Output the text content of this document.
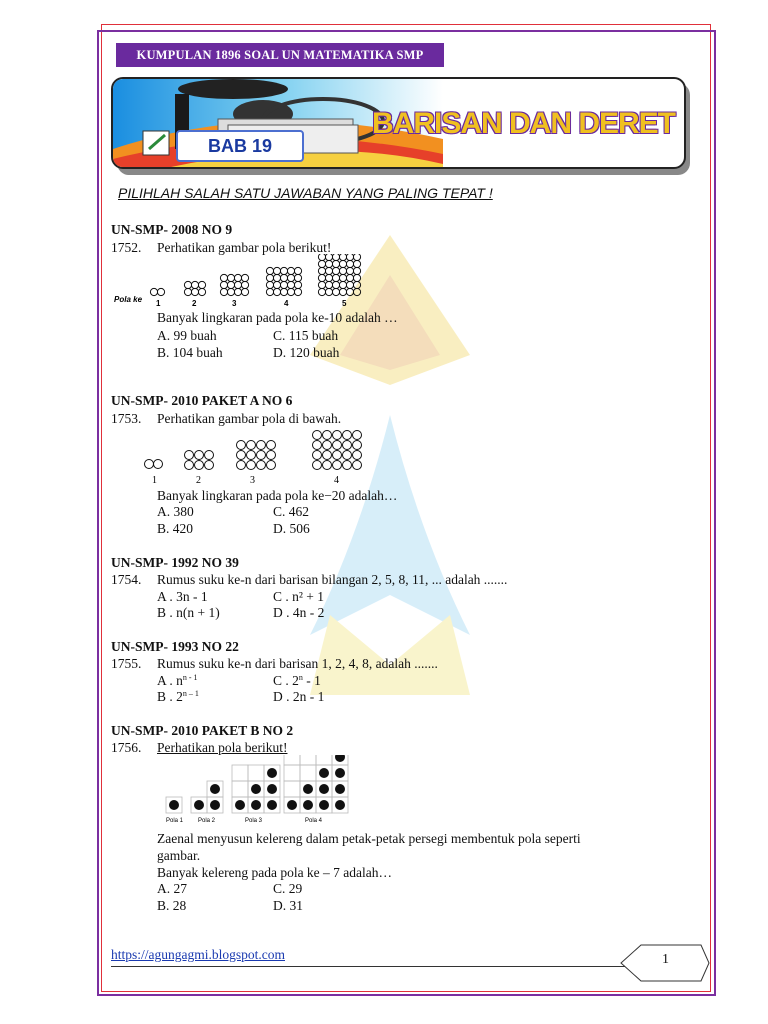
KUMPULAN 1896 SOAL UN MATEMATIKA SMP
BAB 19
BARISAN DAN DERET
PILIHLAH SALAH SATU JAWABAN YANG PALING TEPAT !
UN-SMP- 2008 NO 9
1752. Perhatikan gambar pola berikut!
Pola ke 1	2	3	4	5
Banyak lingkaran pada pola ke-10 adalah …
A. 99 buah	C. 115 buah
B. 104 buah	D. 120 buah
UN-SMP- 2010 PAKET A NO 6
1753. Perhatikan gambar pola di bawah.
1	2	3	4
Banyak lingkaran pada pola ke−20 adalah…
A. 380	C. 462
B. 420	D. 506
UN-SMP- 1992 NO 39
1754. Rumus suku ke-n dari barisan bilangan 2, 5, 8, 11, ... adalah .......
A . 3n - 1	C . n² + 1
B . n(n + 1)	D . 4n - 2
UN-SMP- 1993 NO 22
1755. Rumus suku ke-n dari barisan 1, 2, 4, 8, adalah .......
A . $n^{n - 1}$	C . 2$^n$ - 1
B . 2$^{n - 1}$	D . 2n - 1
UN-SMP- 2010 PAKET B NO 2
1756. Perhatikan pola berikut!
Pola 1 Pola 2	Pola 3	Pola 4
Zaenal menyusun kelereng dalam petak-petak persegi membentuk pola seperti
gambar.
Banyak kelereng pada pola ke – 7 adalah…
A. 27	C. 29
B. 28	D. 31
https://agungagmi.blogspot.com	1
